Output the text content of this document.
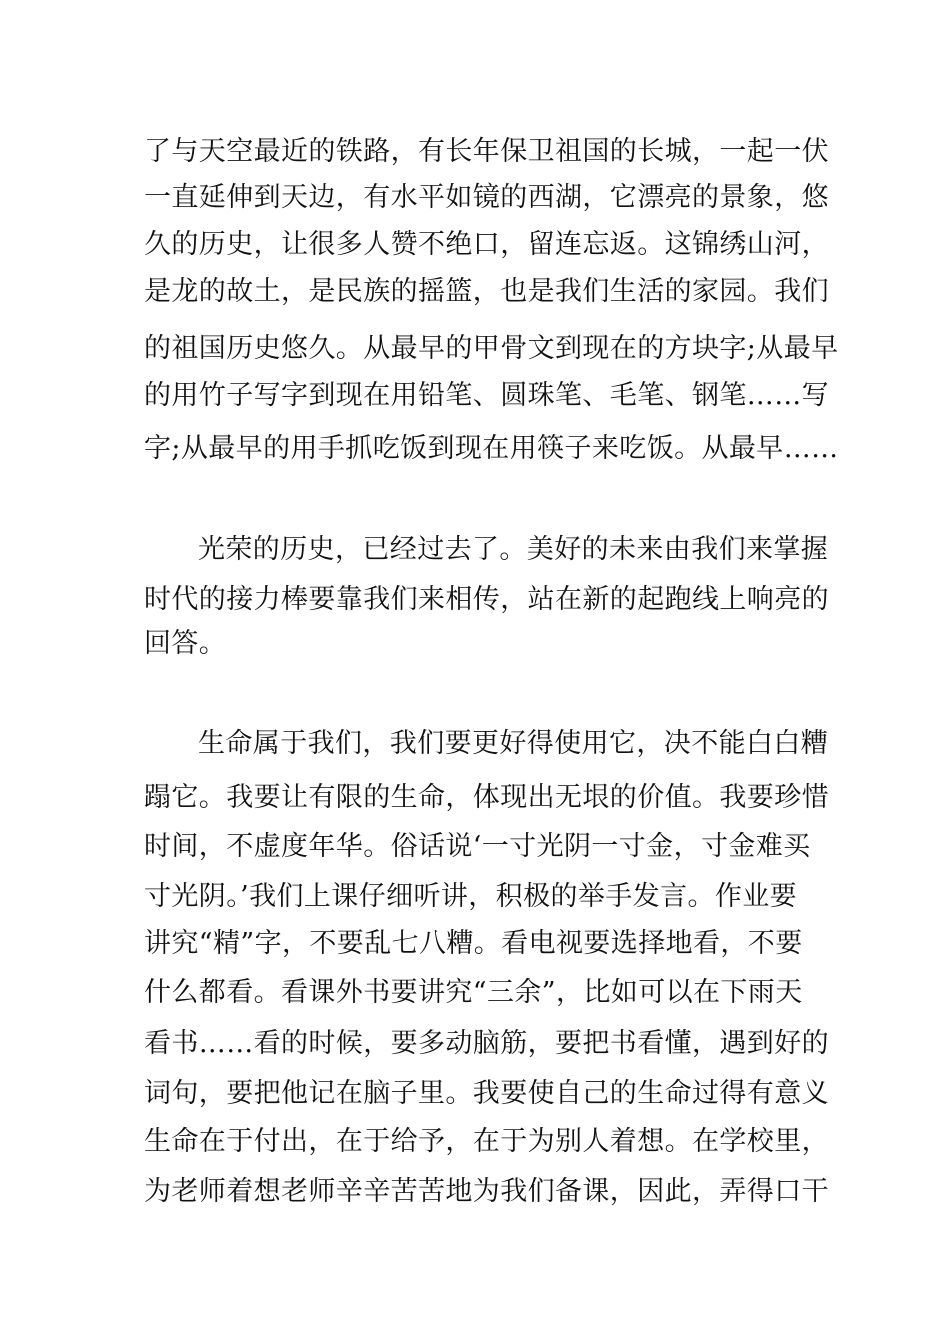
了与天空最近的铁路，有长年保卫祖国的长城，一起一伏
一直延伸到天边，有水平如镜的西湖，它漂亮的景象，悠
久的历史，让很多人赞不绝口，留连忘返。这锦绣山河，
是龙的故土，是民族的摇篮，也是我们生活的家园。我们
的祖国历史悠久。从最早的甲骨文到现在的方块字;从最早
的用竹子写字到现在用铅笔、圆珠笔、毛笔、钢笔……写
字;从最早的用手抓吃饭到现在用筷子来吃饭。从最早……
光荣的历史，已经过去了。美好的未来由我们来掌握
时代的接力棒要靠我们来相传，站在新的起跑线上响亮的
回答。
生命属于我们，我们要更好得使用它，决不能白白糟
蹋它。我要让有限的生命，体现出无垠的价值。我要珍惜
时间，不虚度年华。俗话说‘一寸光阴一寸金，寸金难买
寸光阴。’我们上课仔细听讲，积极的举手发言。作业要
讲究“精”字，不要乱七八糟。看电视要选择地看，不要
什么都看。看课外书要讲究“三余”，比如可以在下雨天
看书……看的时候，要多动脑筋，要把书看懂，遇到好的
词句，要把他记在脑子里。我要使自己的生命过得有意义
生命在于付出，在于给予，在于为别人着想。在学校里，
为老师着想老师辛辛苦苦地为我们备课，因此，弄得口干
